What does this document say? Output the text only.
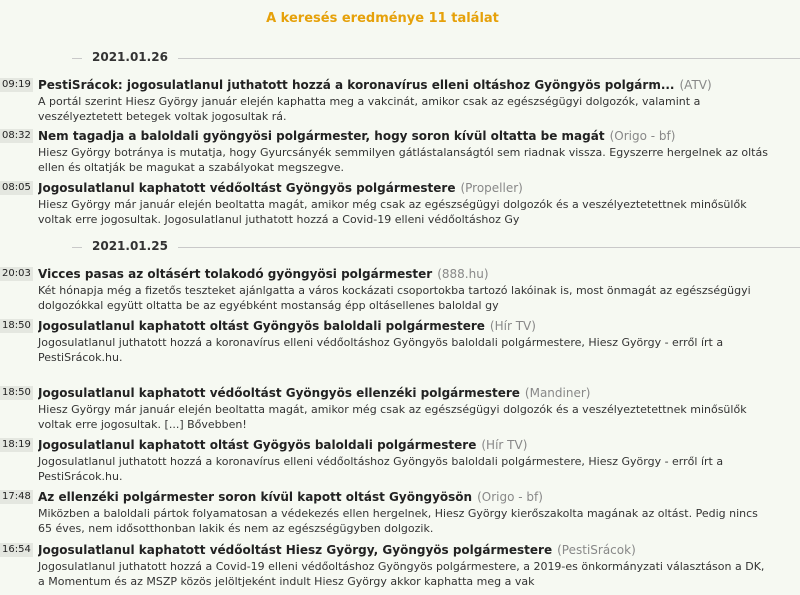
A keresés eredménye 11 találat
2021.01.26
09:19 PestiSrácok: jogosulatlanul juthatott hozzá a koronavírus elleni oltáshoz Gyöngyös polgárm... (ATV)
A portál szerint Hiesz György január elején kaphatta meg a vakcinát, amikor csak az egészségügyi dolgozók, valamint a veszélyeztetett betegek voltak jogosultak rá.
08:32 Nem tagadja a baloldali gyöngyösi polgármester, hogy soron kívül oltatta be magát (Origo - bf)
Hiesz György botránya is mutatja, hogy Gyurcsányék semmilyen gátlástalanságtól sem riadnak vissza. Egyszerre hergelnek az oltás ellen és oltatják be magukat a szabályokat megszegve.
08:05 Jogosulatlanul kaphatott védőoltást Gyöngyös polgármestere (Propeller)
Hiesz György már január elején beoltatta magát, amikor még csak az egészségügyi dolgozók és a veszélyeztetettnek minősülők voltak erre jogosultak. Jogosulatlanul juthatott hozzá a Covid-19 elleni védőoltáshoz Gy
2021.01.25
20:03 Vicces pasas az oltásért tolakodó gyöngyösi polgármester (888.hu)
Két hónapja még a fizetős teszteket ajánlgatta a város kockázati csoportokba tartozó lakóinak is, most önmagát az egészségügyi dolgozókkal együtt oltatta be az egyébként mostanság épp oltásellenes baloldal gy
18:50 Jogosulatlanul kaphatott oltást Gyöngyös baloldali polgármestere (Hír TV)
Jogosulatlanul juthatott hozzá a koronavírus elleni védőoltáshoz Gyöngyös baloldali polgármestere, Hiesz György - erről írt a PestiSrácok.hu.
18:50 Jogosulatlanul kaphatott védőoltást Gyöngyös ellenzéki polgármestere (Mandiner)
Hiesz György már január elején beoltatta magát, amikor még csak az egészségügyi dolgozók és a veszélyeztetettnek minősülők voltak erre jogosultak. [...] Bővebben!
18:19 Jogosulatlanul kaphatott oltást Gyögyös baloldali polgármestere (Hír TV)
Jogosulatlanul juthatott hozzá a koronavírus elleni védőoltáshoz Gyöngyös baloldali polgármestere, Hiesz György - erről írt a PestiSrácok.hu.
17:48 Az ellenzéki polgármester soron kívül kapott oltást Gyöngyösön (Origo - bf)
Miközben a baloldali pártok folyamatosan a védekezés ellen hergelnek, Hiesz György kierőszakolta magának az oltást. Pedig nincs 65 éves, nem idősotthonban lakik és nem az egészségügyben dolgozik.
16:54 Jogosulatlanul kaphatott védőoltást Hiesz György, Gyöngyös polgármestere (PestiSrácok)
Jogosulatlanul juthatott hozzá a Covid-19 elleni védőoltáshoz Gyöngyös polgármestere, a 2019-es önkormányzati választáson a DK, a Momentum és az MSZP közös jelöltjeként indult Hiesz György akkor kaphatta meg a vak
